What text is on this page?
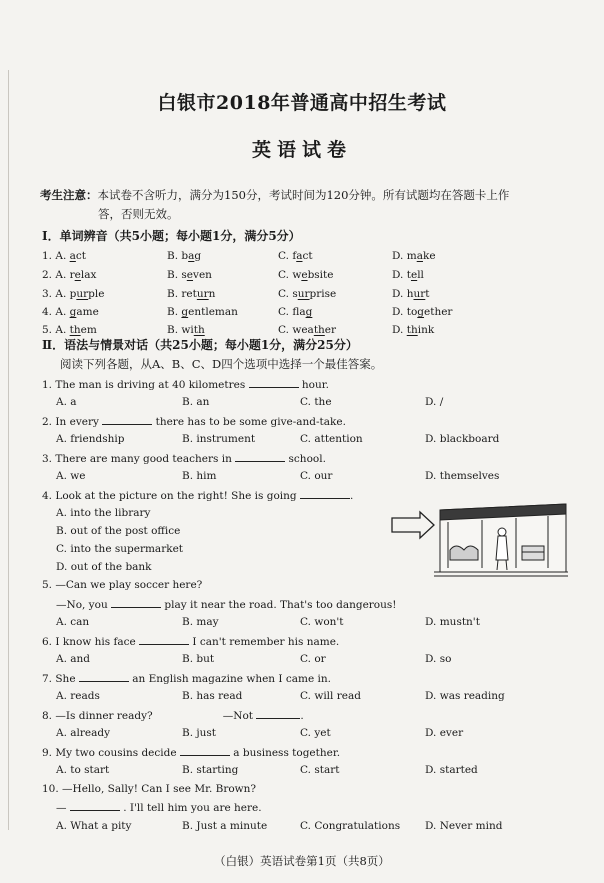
白银市2018年普通高中招生考试
英语试卷
考生注意：本试卷不含听力，满分为150分，考试时间为120分钟。所有试题均在答题卡上作
答，否则无效。
Ⅰ．单词辨音（共5小题；每小题1分，满分5分）
1. A. act	B. bag	C. fact	D. make
2. A. relax	B. seven	C. website	D. tell
3. A. purple	B. return	C. surprise	D. hurt
4. A. game	B. gentleman	C. flag	D. together
5. A. them	B. with	C. weather	D. think
Ⅱ．语法与情景对话（共25小题；每小题1分，满分25分）
阅读下列各题，从A、B、C、D四个选项中选择一个最佳答案。
1. The man is driving at 40 kilometres	hour.
A. a	B. an	C. the	D. /
2. In every	there has to be some give-and-take.
A. friendship	B. instrument	C. attention	D. blackboard
3. There are many good teachers in	school.
A. we	B. him	C. our	D. themselves
4. Look at the picture on the right! She is going	.
A. into the library
B. out of the post office
C. into the supermarket
D. out of the bank
5. —Can we play soccer here?
—No, you	play it near the road. That's too dangerous!
A. can	B. may	C. won't	D. mustn't
6. I know his face	I can't remember his name.
A. and	B. but	C. or	D. so
7. She	an English magazine when I came in.
A. reads	B. has read	C. will read	D. was reading
8. —Is dinner ready?	—Not	.
A. already	B. just	C. yet	D. ever
9. My two cousins decide	a business together.
A. to start	B. starting	C. start	D. started
10. —Hello, Sally! Can I see Mr. Brown?
—	. I'll tell him you are here.
A. What a pity	B. Just a minute	C. Congratulations D. Never mind
（白银）英语试卷第1页（共8页）
